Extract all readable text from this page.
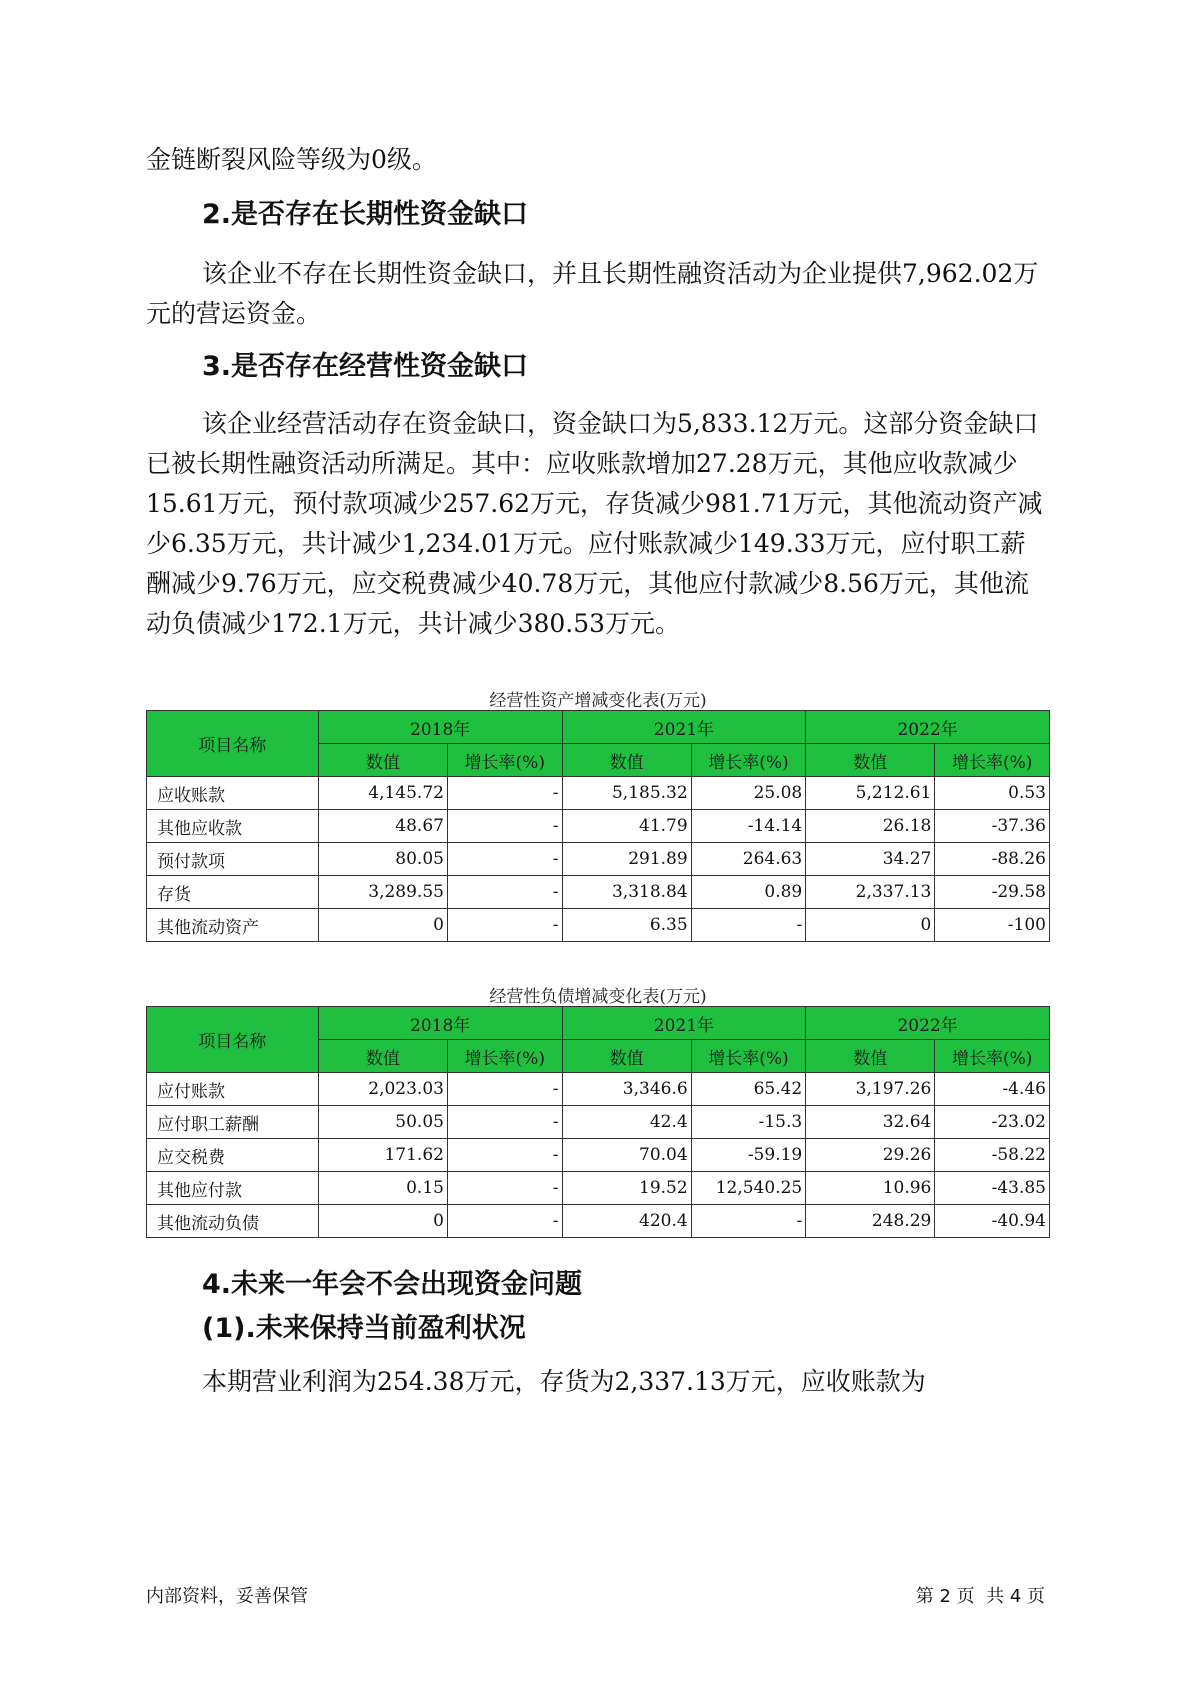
金链断裂风险等级为0级。

2.是否存在长期性资金缺口

该企业不存在长期性资金缺口，并且长期性融资活动为企业提供7,962.02万元的营运资金。

3.是否存在经营性资金缺口

该企业经营活动存在资金缺口，资金缺口为5,833.12万元。这部分资金缺口已被长期性融资活动所满足。其中：应收账款增加27.28万元，其他应收款减少15.61万元，预付款项减少257.62万元，存货减少981.71万元，其他流动资产减少6.35万元，共计减少1,234.01万元。应付账款减少149.33万元，应付职工薪酬减少9.76万元，应交税费减少40.78万元，其他应付款减少8.56万元，其他流动负债减少172.1万元，共计减少380.53万元。

经营性资产增减变化表(万元)
项目名称	2018年		2021年		2022年	
	数值	增长率(%)	数值	增长率(%)	数值	增长率(%)
应收账款	4,145.72	-	5,185.32	25.08	5,212.61	0.53
其他应收款	48.67	-	41.79	-14.14	26.18	-37.36
预付款项	80.05	-	291.89	264.63	34.27	-88.26
存货	3,289.55	-	3,318.84	0.89	2,337.13	-29.58
其他流动资产	0	-	6.35	-	0	-100
经营性负债增减变化表(万元)
项目名称	2018年		2021年		2022年	
	数值	增长率(%)	数值	增长率(%)	数值	增长率(%)
应付账款	2,023.03	-	3,346.6	65.42	3,197.26	-4.46
应付职工薪酬	50.05	-	42.4	-15.3	32.64	-23.02
应交税费	171.62	-	70.04	-59.19	29.26	-58.22
其他应付款	0.15	-	19.52	12,540.25	10.96	-43.85
其他流动负债	0	-	420.4	-	248.29	-40.94
4.未来一年会不会出现资金问题
(1).未来保持当前盈利状况

本期营业利润为254.38万元，存货为2,337.13万元，应收账款为

内部资料，妥善保管	第 2 页  共 4 页
